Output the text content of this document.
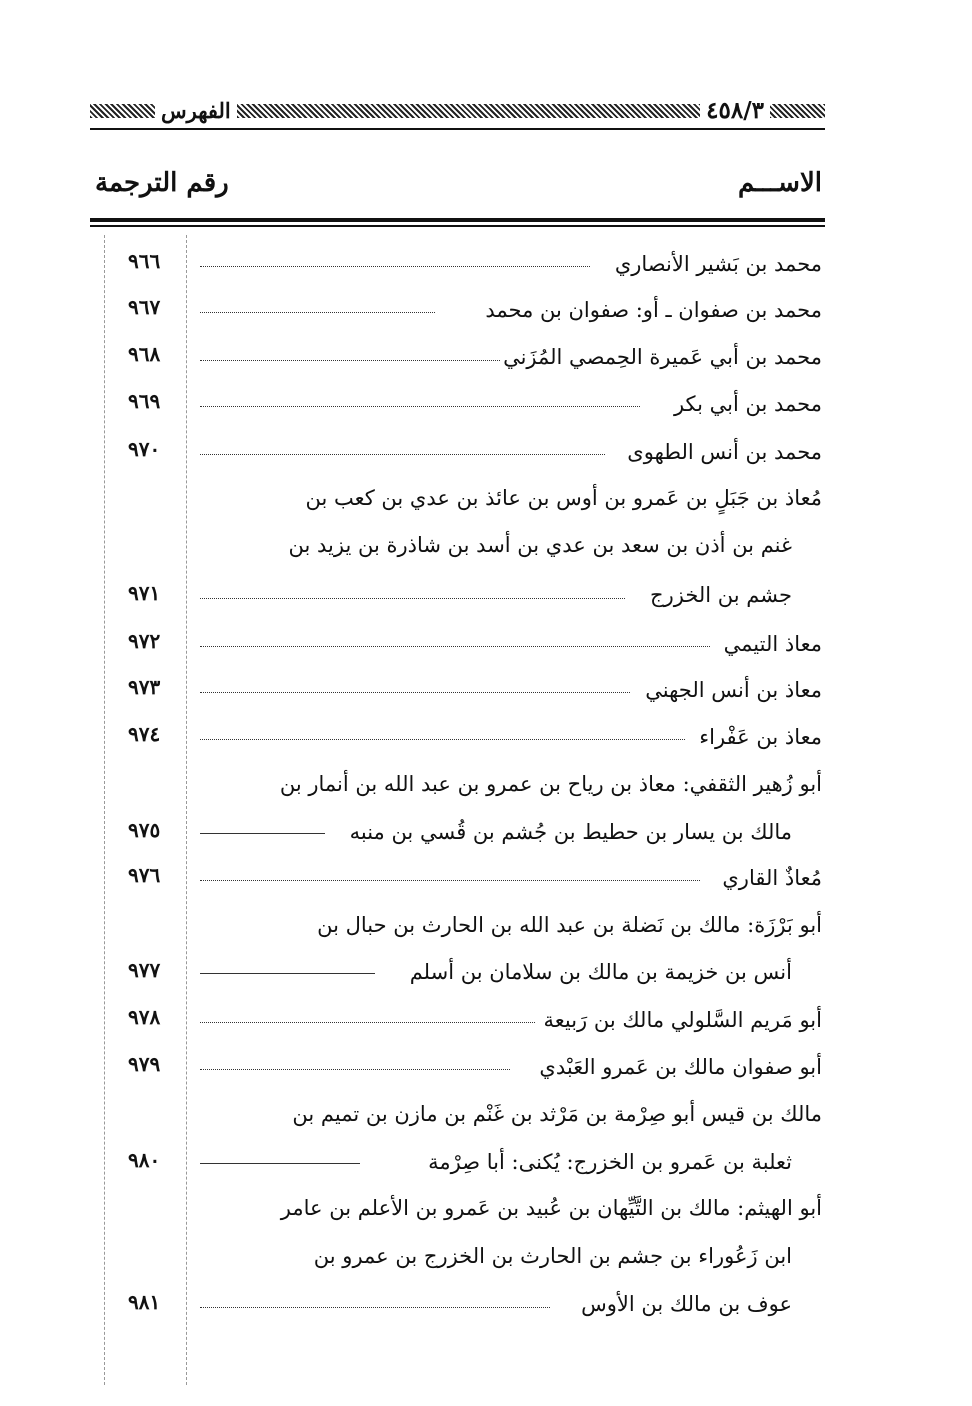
٤٥٨/٣
الفهرس
الاســـم
رقم الترجمة
محمد بن بَشير الأنصاري
٩٦٦
محمد بن صفوان ـ أو: صفوان بن محمد
٩٦٧
محمد بن أبي عَميرة الحِمصي المُزَني
٩٦٨
محمد بن أبي بكر
٩٦٩
محمد بن أنس الطهوى
٩٧٠
مُعاذ بن جَبَلٍ بن عَمرو بن أوس بن عائذ بن عدي بن كعب بن
غنم بن أذن بن سعد بن عدي بن أسد بن شاذرة بن يزيد بن
جشم بن الخزرج
٩٧١
معاذ التيمي
٩٧٢
معاذ بن أنس الجهني
٩٧٣
معاذ بن عَفْراء
٩٧٤
أبو زُهير الثقفي: معاذ بن رياح بن عمرو بن عبد الله بن أنمار بن
مالك بن يسار بن حطيط بن جُشم بن قُسي بن منبه
٩٧٥
مُعاذٌ القاري
٩٧٦
أبو بَرْزَة: مالك بن نَضلة بن عبد الله بن الحارث بن حبال بن
أنس بن خزيمة بن مالك بن سلامان بن أسلم
٩٧٧
أبو مَريم السَّلولي مالك بن رَبيعة
٩٧٨
أبو صفوان مالك بن عَمرو العَبْدي
٩٧٩
مالك بن قيس أبو صِرْمة بن مَرْثد بن غَنْم بن مازن بن تميم بن
ثعلبة بن عَمرو بن الخزرج: يُكنى: أبا صِرْمة
٩٨٠
أبو الهيثم: مالك بن التَّيِّهان بن عُبيد بن عَمرو بن الأعلم بن عامر
ابن زَعُوراء بن جشم بن الحارث بن الخزرج بن عمرو بن
عوف بن مالك بن الأوس
٩٨١
